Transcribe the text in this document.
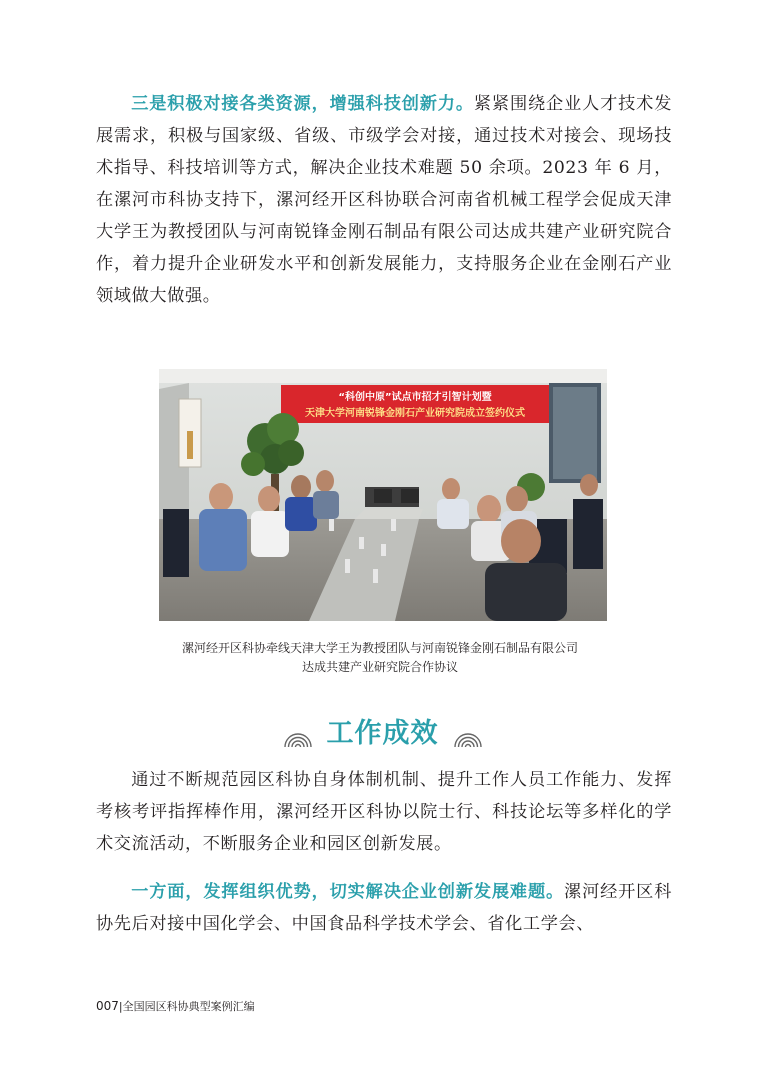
三是积极对接各类资源，增强科技创新力。紧紧围绕企业人才技术发展需求，积极与国家级、省级、市级学会对接，通过技术对接会、现场技术指导、科技培训等方式，解决企业技术难题 50 余项。2023 年 6 月，在漯河市科协支持下，漯河经开区科协联合河南省机械工程学会促成天津大学王为教授团队与河南锐锋金刚石制品有限公司达成共建产业研究院合作，着力提升企业研发水平和创新发展能力，支持服务企业在金刚石产业领域做大做强。

“科创中原”试点市招才引智计划暨
天津大学河南锐锋金刚石产业研究院成立签约仪式
漯河经开区科协牵线天津大学王为教授团队与河南锐锋金刚石制品有限公司
达成共建产业研究院合作协议
工作成效

通过不断规范园区科协自身体制机制、提升工作人员工作能力、发挥考核考评指挥棒作用，漯河经开区科协以院士行、科技论坛等多样化的学术交流活动，不断服务企业和园区创新发展。

一方面，发挥组织优势，切实解决企业创新发展难题。漯河经开区科协先后对接中国化学会、中国食品科学技术学会、省化工学会、

007|全国园区科协典型案例汇编
